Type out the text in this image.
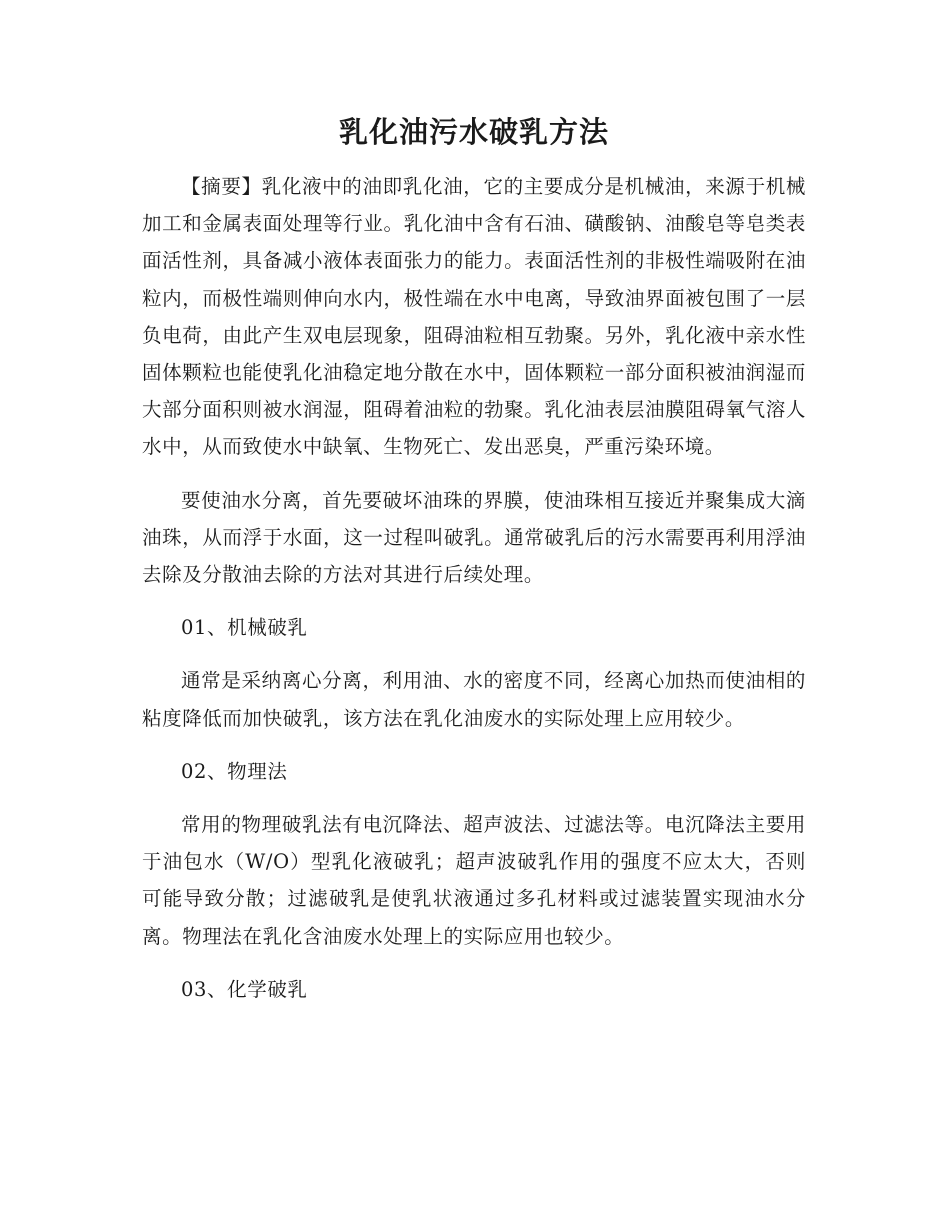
乳化油污水破乳方法

【摘要】乳化液中的油即乳化油，它的主要成分是机械油，来源于机械加工和金属表面处理等行业。乳化油中含有石油、磺酸钠、油酸皂等皂类表面活性剂，具备减小液体表面张力的能力。表面活性剂的非极性端吸附在油粒内，而极性端则伸向水内，极性端在水中电离，导致油界面被包围了一层负电荷，由此产生双电层现象，阻碍油粒相互勃聚。另外，乳化液中亲水性固体颗粒也能使乳化油稳定地分散在水中，固体颗粒一部分面积被油润湿而大部分面积则被水润湿，阻碍着油粒的勃聚。乳化油表层油膜阻碍氧气溶人水中，从而致使水中缺氧、生物死亡、发出恶臭，严重污染环境。

要使油水分离，首先要破坏油珠的界膜，使油珠相互接近并聚集成大滴油珠，从而浮于水面，这一过程叫破乳。通常破乳后的污水需要再利用浮油去除及分散油去除的方法对其进行后续处理。

01、机械破乳

通常是采纳离心分离，利用油、水的密度不同，经离心加热而使油相的粘度降低而加快破乳，该方法在乳化油废水的实际处理上应用较少。

02、物理法

常用的物理破乳法有电沉降法、超声波法、过滤法等。电沉降法主要用于油包水（W/O）型乳化液破乳；超声波破乳作用的强度不应太大，否则可能导致分散；过滤破乳是使乳状液通过多孔材料或过滤装置实现油水分离。物理法在乳化含油废水处理上的实际应用也较少。

03、化学破乳
